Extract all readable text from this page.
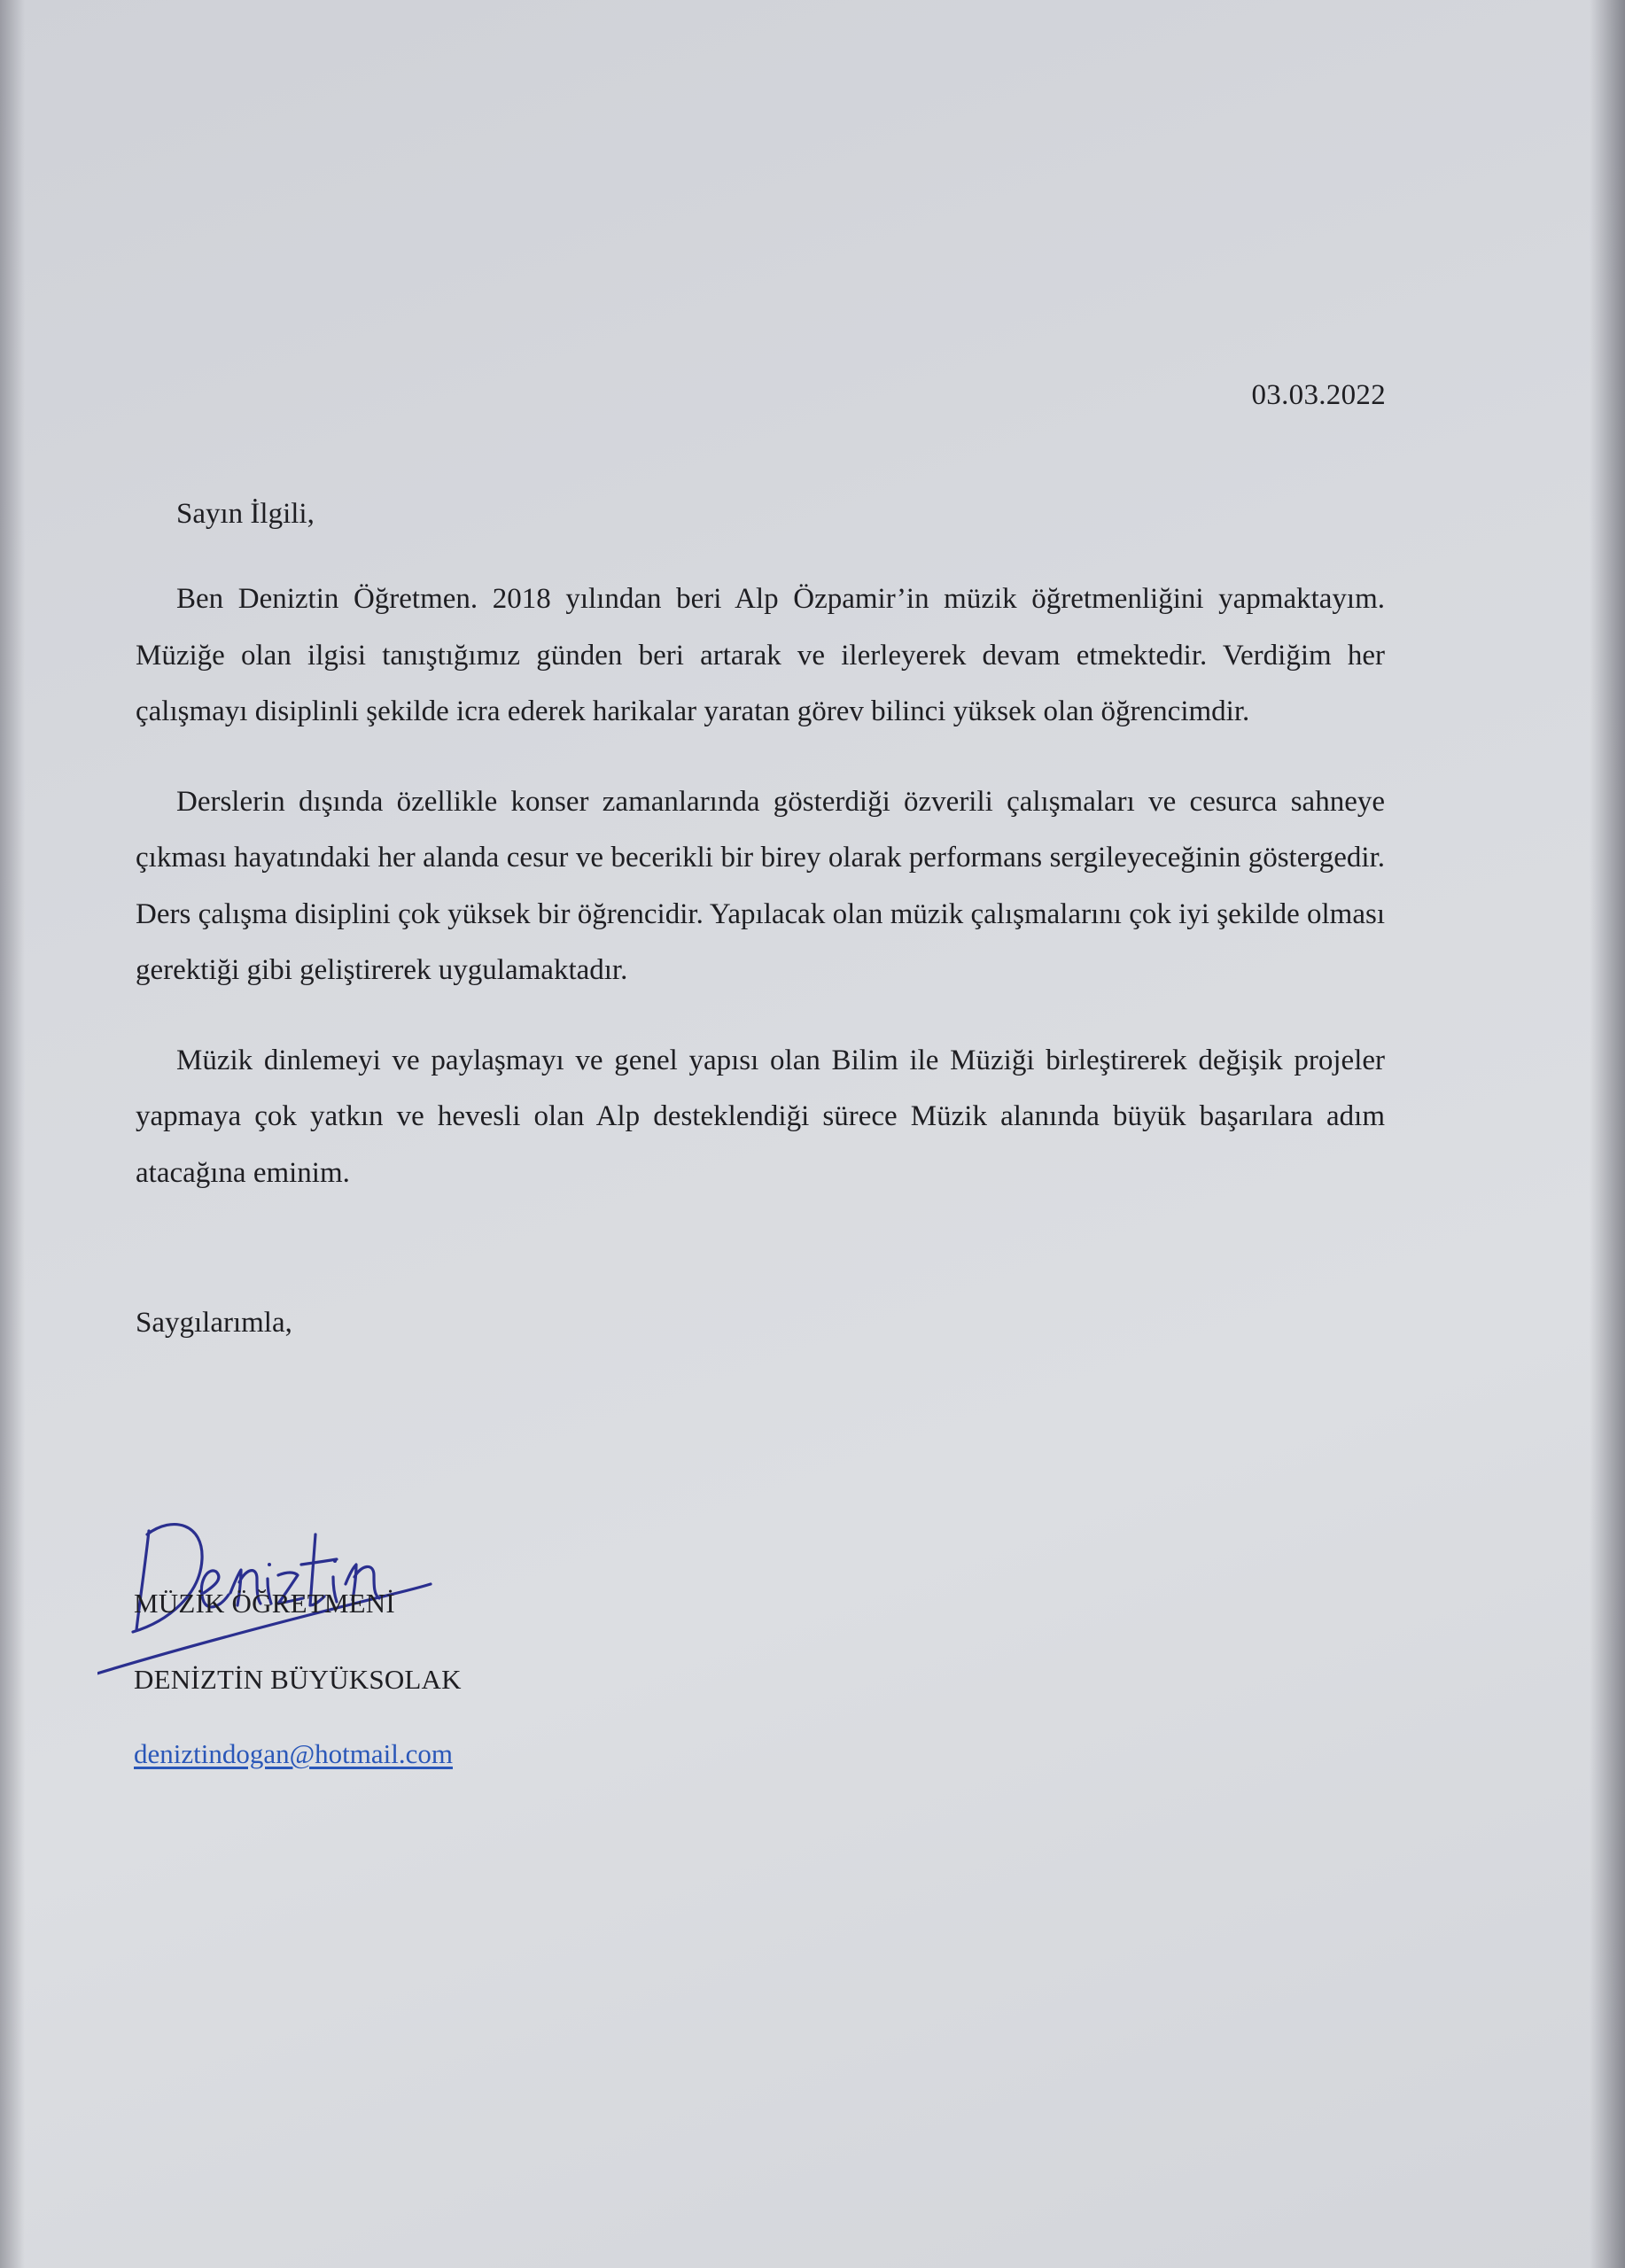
03.03.2022
Sayın İlgili,

Ben Deniztin Öğretmen. 2018 yılından beri Alp Özpamir’in müzik öğretmenliğini yapmaktayım. Müziğe olan ilgisi tanıştığımız günden beri artarak ve ilerleyerek devam etmektedir. Verdiğim her çalışmayı disiplinli şekilde icra ederek harikalar yaratan görev bilinci yüksek olan öğrencimdir.

Derslerin dışında özellikle konser zamanlarında gösterdiği özverili çalışmaları ve cesurca sahneye çıkması hayatındaki her alanda cesur ve becerikli bir birey olarak performans sergileyeceğinin göstergedir. Ders çalışma disiplini çok yüksek bir öğrencidir. Yapılacak olan müzik çalışmalarını çok iyi şekilde olması gerektiği gibi geliştirerek uygulamaktadır.

Müzik dinlemeyi ve paylaşmayı ve genel yapısı olan Bilim ile Müziği birleştirerek değişik projeler yapmaya çok yatkın ve hevesli olan Alp desteklendiği sürece Müzik alanında büyük başarılara adım atacağına eminim.

Saygılarımla,
MÜZİK ÖĞRETMENİ
DENİZTİN BÜYÜKSOLAK
deniztindogan@hotmail.com
